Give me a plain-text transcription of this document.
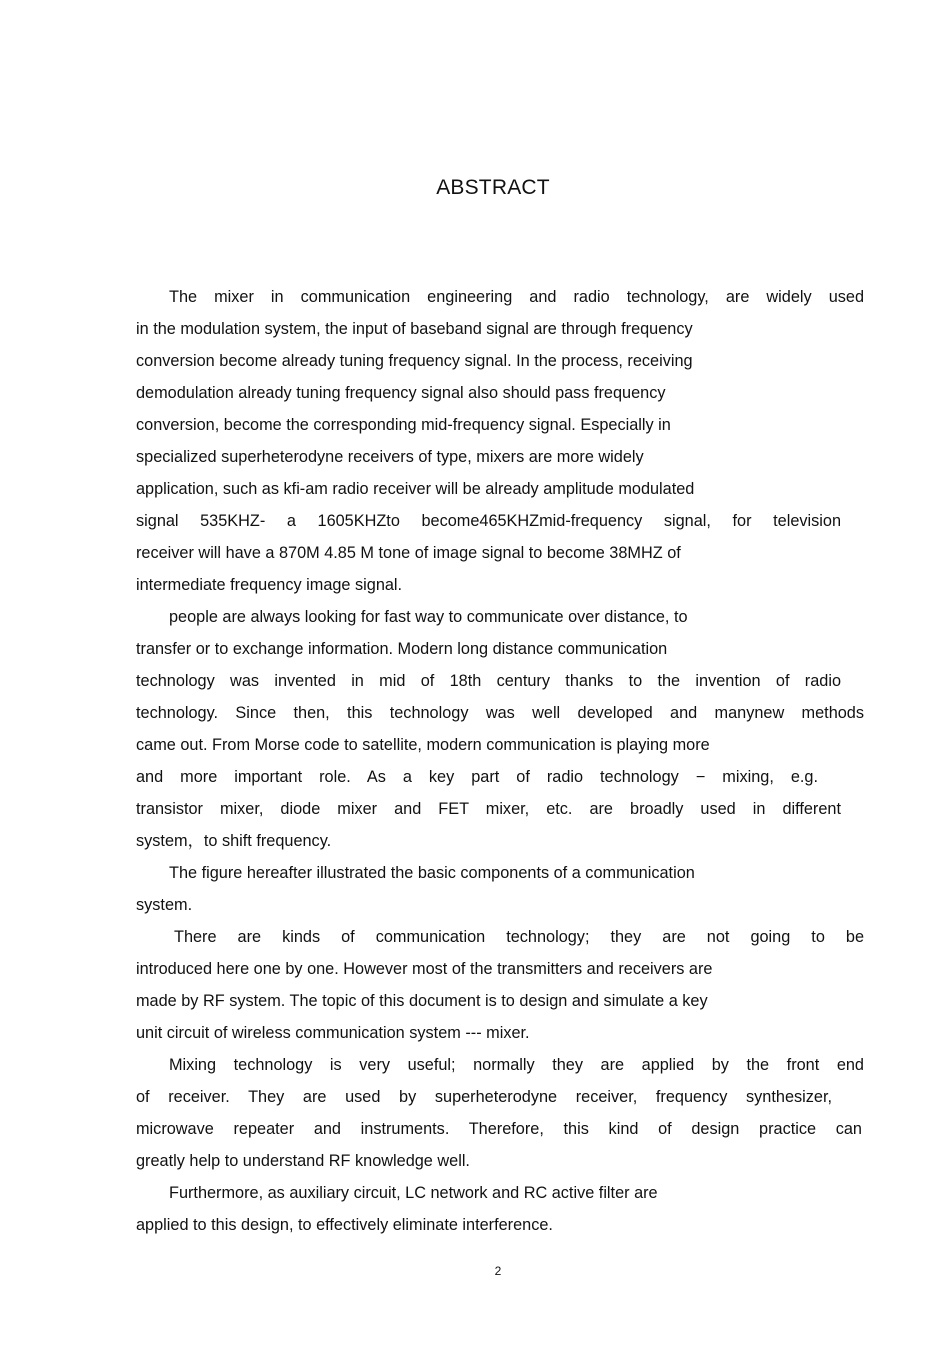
ABSTRACT
The mixer in communication engineering and radio technology, are widely used
in the modulation system, the input of baseband signal are through frequency
conversion become already tuning frequency signal. In the process, receiving
demodulation already tuning frequency signal also should pass frequency
conversion, become the corresponding mid-frequency signal. Especially in
specialized superheterodyne receivers of type, mixers are more widely
application, such as kfi-am radio receiver will be already amplitude modulated
signal 535KHZ- a 1605KHZto become465KHZmid-frequency signal, for television
receiver will have a 870M 4.85 M tone of image signal to become 38MHZ of
intermediate frequency image signal.
people are always looking for fast way to communicate over distance, to
transfer or to exchange information. Modern long distance communication
technology was invented in mid of 18th century thanks to the invention of radio
technology. Since then, this technology was well developed and manynew methods
came out. From Morse code to satellite, modern communication is playing more
and more important role. As a key part of radio technology − mixing, e.g.
transistor mixer, diode mixer and FET mixer, etc. are broadly used in different
system，to shift frequency.
The figure hereafter illustrated the basic components of a communication
system.
There are kinds of communication technology; they are not going to be
introduced here one by one. However most of the transmitters and receivers are
made by RF system. The topic of this document is to design and simulate a key
unit circuit of wireless communication system --- mixer.
Mixing technology is very useful; normally they are applied by the front end
of receiver. They are used by superheterodyne receiver, frequency synthesizer,
microwave repeater and instruments. Therefore, this kind of design practice can
greatly help to understand RF knowledge well.
Furthermore, as auxiliary circuit, LC network and RC active filter are
applied to this design, to effectively eliminate interference.
2
